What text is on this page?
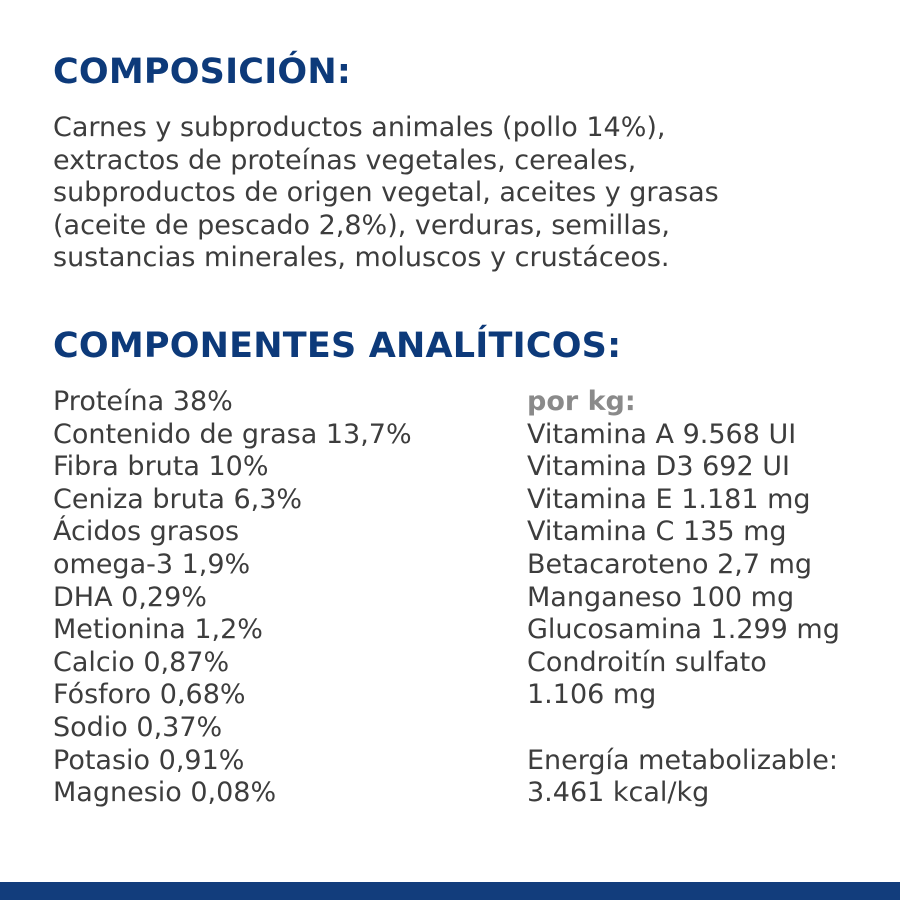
COMPOSICIÓN:
Carnes y subproductos animales (pollo 14%),
extractos de proteínas vegetales, cereales,
subproductos de origen vegetal, aceites y grasas
(aceite de pescado 2,8%), verduras, semillas,
sustancias minerales, moluscos y crustáceos.
COMPONENTES ANALÍTICOS:
Proteína 38%
Contenido de grasa 13,7%
Fibra bruta 10%
Ceniza bruta 6,3%
Ácidos grasos
omega-3 1,9%
DHA 0,29%
Metionina 1,2%
Calcio 0,87%
Fósforo 0,68%
Sodio 0,37%
Potasio 0,91%
Magnesio 0,08%
por kg:
Vitamina A 9.568 UI
Vitamina D3 692 UI
Vitamina E 1.181 mg
Vitamina C 135 mg
Betacaroteno 2,7 mg
Manganeso 100 mg
Glucosamina 1.299 mg
Condroitín sulfato
1.106 mg
Energía metabolizable:
3.461 kcal/kg
